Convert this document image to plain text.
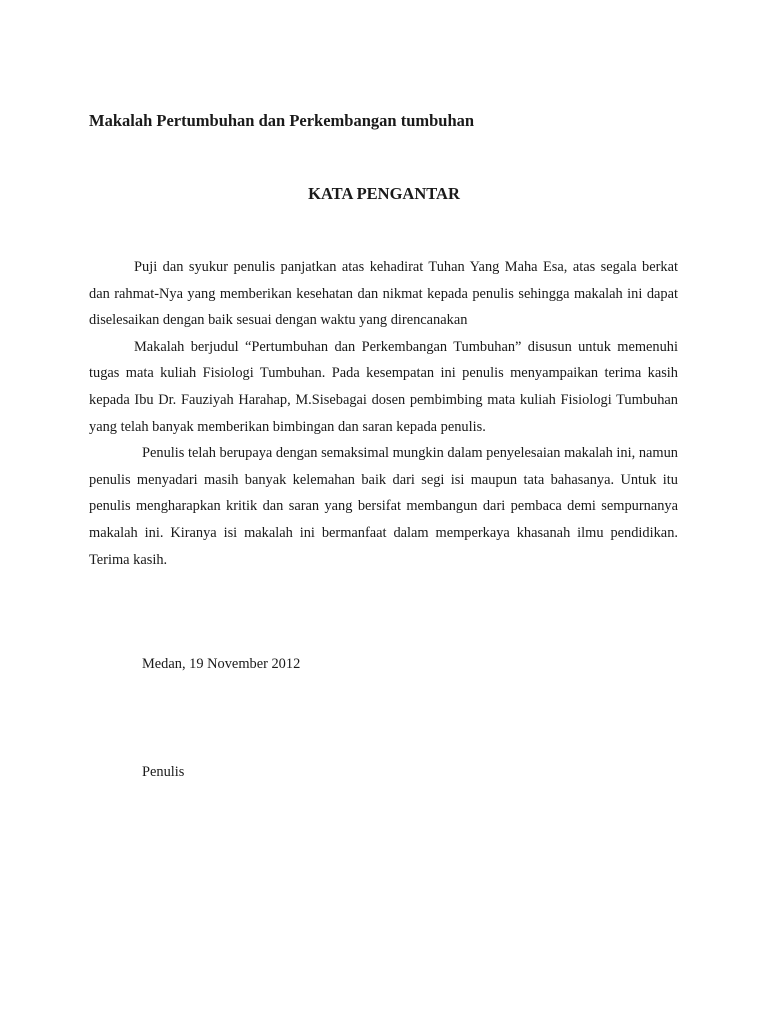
Makalah Pertumbuhan dan Perkembangan tumbuhan
KATA PENGANTAR

Puji dan syukur penulis panjatkan atas kehadirat Tuhan Yang Maha Esa, atas segala berkat dan rahmat-Nya yang memberikan kesehatan dan nikmat kepada penulis sehingga makalah ini dapat diselesaikan dengan baik sesuai dengan waktu yang direncanakan

Makalah berjudul “Pertumbuhan dan Perkembangan Tumbuhan” disusun untuk memenuhi tugas mata kuliah Fisiologi Tumbuhan. Pada kesempatan ini penulis menyampaikan terima kasih kepada Ibu Dr. Fauziyah Harahap, M.Sisebagai dosen pembimbing mata kuliah Fisiologi Tumbuhan yang telah banyak memberikan bimbingan dan saran kepada penulis.

Penulis telah berupaya dengan semaksimal mungkin dalam penyelesaian makalah ini, namun penulis menyadari masih banyak kelemahan baik dari segi isi maupun tata bahasanya. Untuk itu penulis mengharapkan kritik dan saran yang bersifat membangun dari pembaca demi sempurnanya makalah ini. Kiranya isi makalah ini bermanfaat dalam memperkaya khasanah ilmu pendidikan. Terima kasih.

Medan, 19 November 2012

Penulis
